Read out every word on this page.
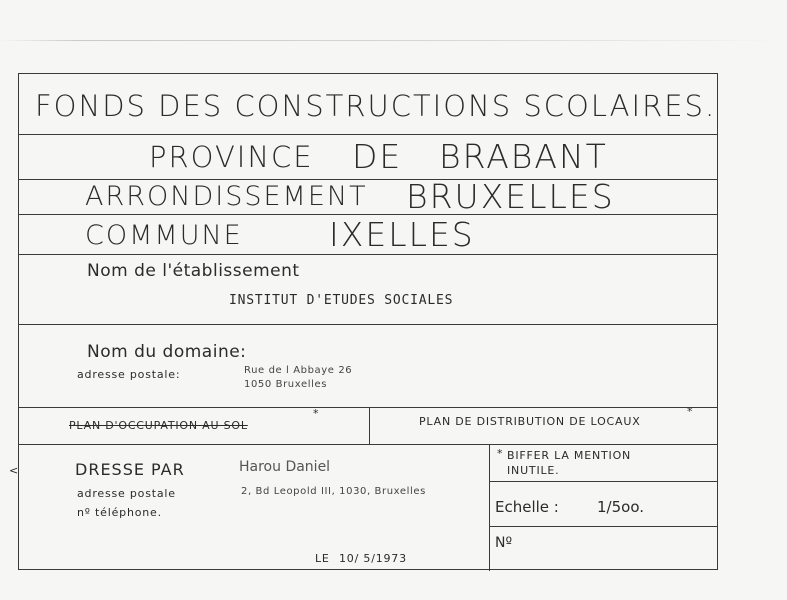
FONDS DES CONSTRUCTIONS SCOLAIRES.
PROVINCE DE BRABANT
ARRONDISSEMENT BRUXELLES
COMMUNE	IXELLES
Nom de l'établissement
INSTITUT D'ETUDES SOCIALES
Nom du domaine:
adresse postale:	Rue de l Abbaye 26
1050 Bruxelles
PLAN D'OCCUPATION AU SOL
*
PLAN DE DISTRIBUTION DE LOCAUX
*
<	DRESSE PAR	Harou Daniel
adresse postale	2, Bd Leopold III, 1030, Bruxelles
nº téléphone.
* BIFFER LA MENTION
INUTILE.
Echelle :	1/5oo.
Nº
LE 10/ 5/1973
